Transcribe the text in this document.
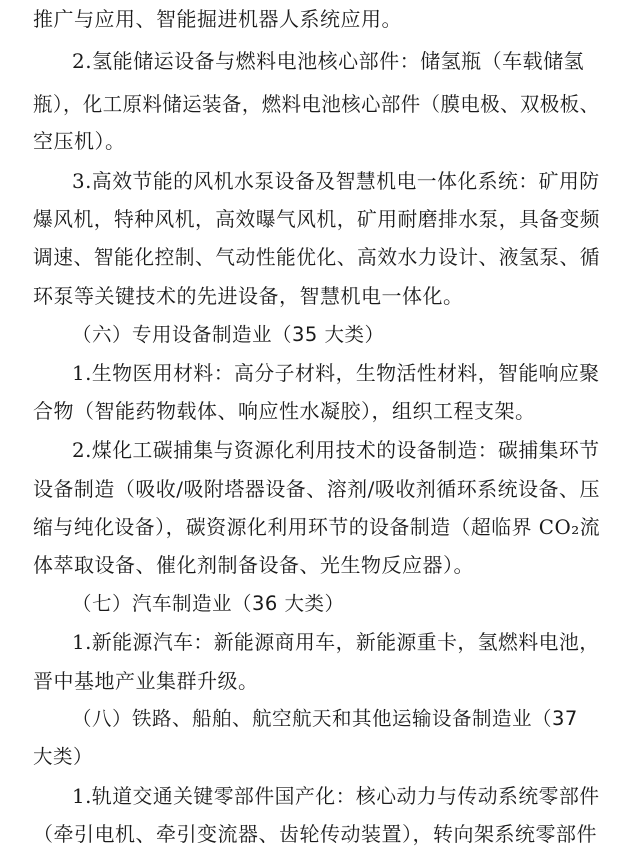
推广与应用、智能掘进机器人系统应用。
2.氢能储运设备与燃料电池核心部件：储氢瓶（车载储氢
瓶），化工原料储运装备，燃料电池核心部件（膜电极、双极板、
空压机）。
3.高效节能的风机水泵设备及智慧机电一体化系统：矿用防
爆风机，特种风机，高效曝气风机，矿用耐磨排水泵，具备变频
调速、智能化控制、气动性能优化、高效水力设计、液氢泵、循
环泵等关键技术的先进设备，智慧机电一体化。
（六）专用设备制造业（35 大类）
1.生物医用材料：高分子材料，生物活性材料，智能响应聚
合物（智能药物载体、响应性水凝胶），组织工程支架。
2.煤化工碳捕集与资源化利用技术的设备制造：碳捕集环节
设备制造（吸收/吸附塔器设备、溶剂/吸收剂循环系统设备、压
缩与纯化设备），碳资源化利用环节的设备制造（超临界 CO₂流
体萃取设备、催化剂制备设备、光生物反应器）。
（七）汽车制造业（36 大类）
1.新能源汽车：新能源商用车，新能源重卡，氢燃料电池，
晋中基地产业集群升级。
（八）铁路、船舶、航空航天和其他运输设备制造业（37
大类）
1.轨道交通关键零部件国产化：核心动力与传动系统零部件
（牵引电机、牵引变流器、齿轮传动装置），转向架系统零部件
